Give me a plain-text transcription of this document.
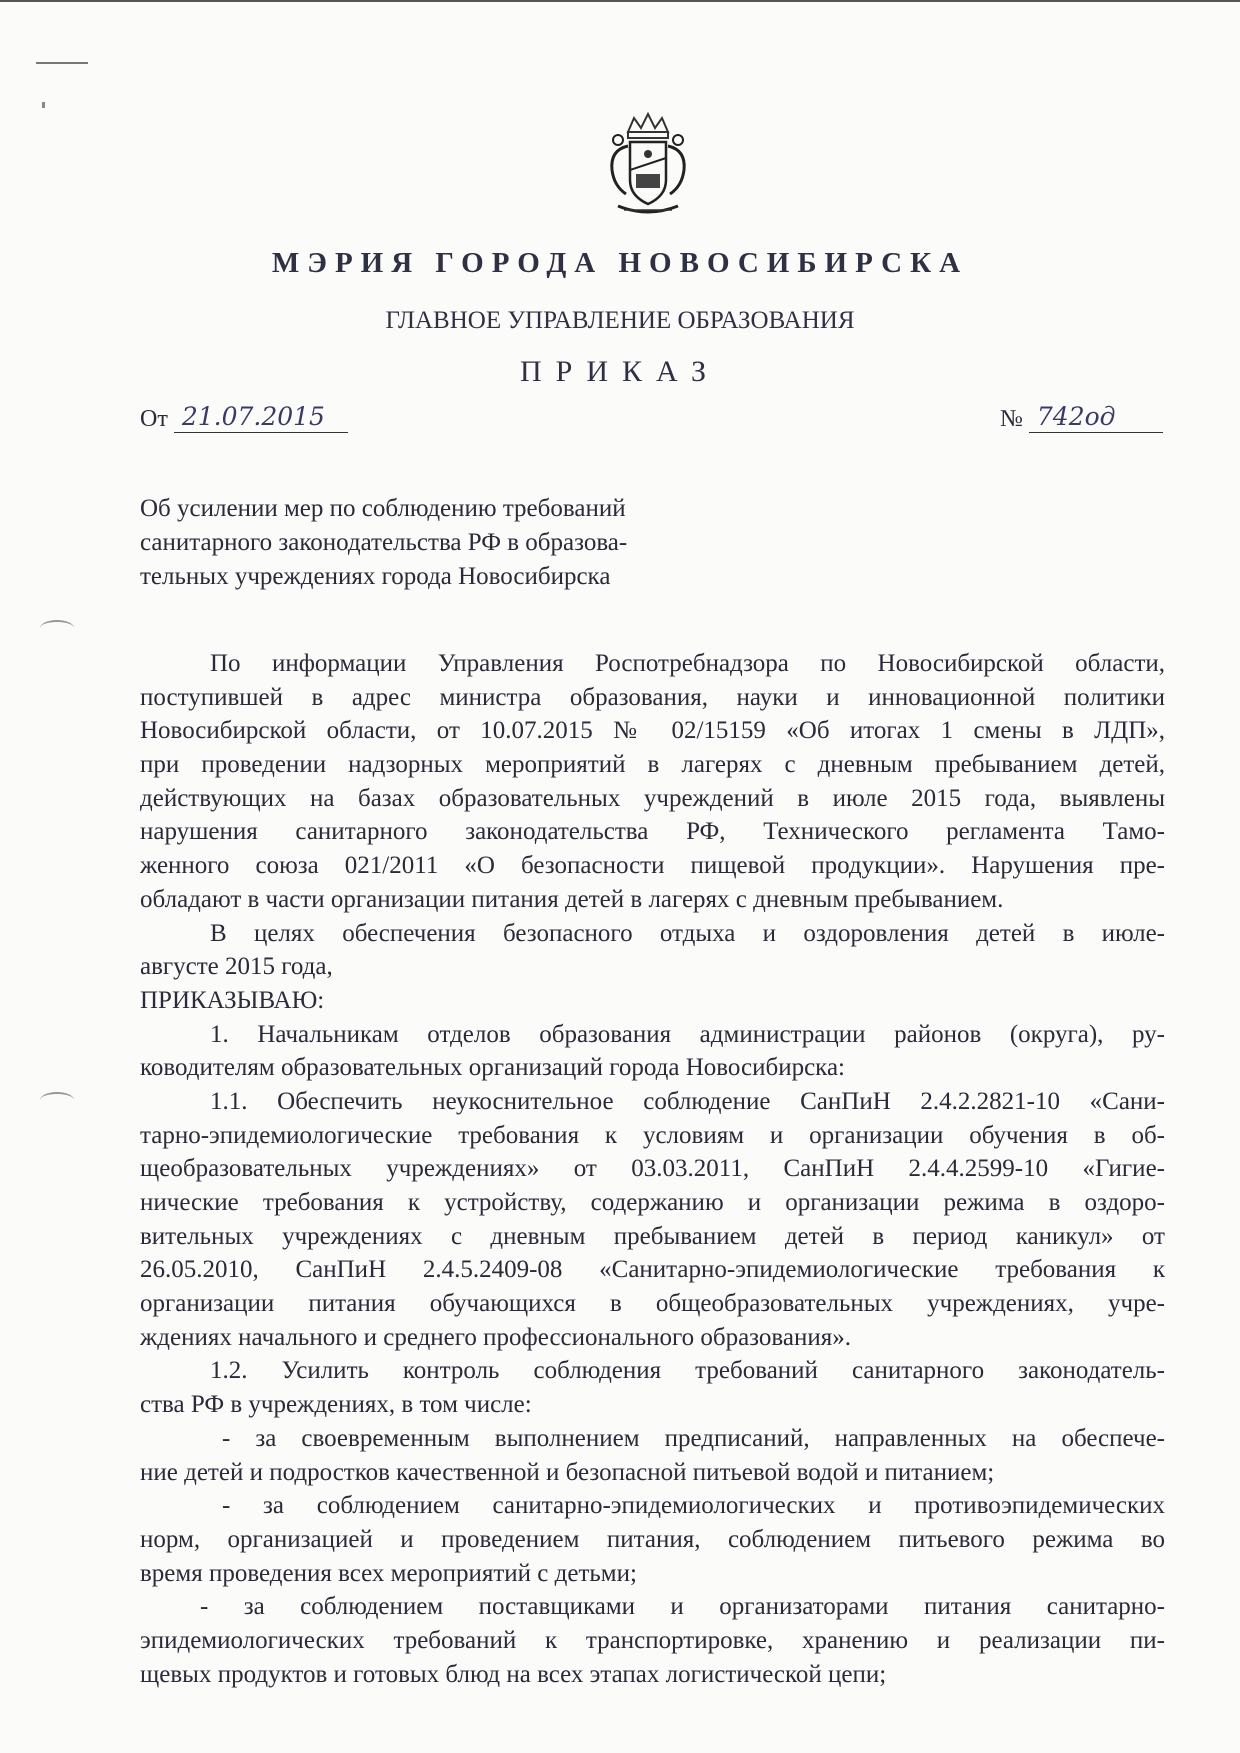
МЭРИЯ ГОРОДА НОВОСИБИРСКА
ГЛАВНОЕ УПРАВЛЕНИЕ ОБРАЗОВАНИЯ
ПРИКАЗ
От 21.07.2015	№ 742од
Об усилении мер по соблюдению требований
санитарного законодательства РФ в образова-
тельных учреждениях города Новосибирска
По информации Управления Роспотребнадзора по Новосибирской области,
поступившей в адрес министра образования, науки и инновационной политики
Новосибирской области, от 10.07.2015 № 02/15159 «Об итогах 1 смены в ЛДП»,
при проведении надзорных мероприятий в лагерях с дневным пребыванием детей,
действующих на базах образовательных учреждений в июле 2015 года, выявлены
нарушения санитарного законодательства РФ, Технического регламента Тамо-
женного союза 021/2011 «О безопасности пищевой продукции». Нарушения пре-
обладают в части организации питания детей в лагерях с дневным пребыванием.
В целях обеспечения безопасного отдыха и оздоровления детей в июле-
августе 2015 года,
ПРИКАЗЫВАЮ:
1. Начальникам отделов образования администрации районов (округа), ру-
ководителям образовательных организаций города Новосибирска:
1.1. Обеспечить неукоснительное соблюдение СанПиН 2.4.2.2821-10 «Сани-
тарно-эпидемиологические требования к условиям и организации обучения в об-
щеобразовательных учреждениях» от 03.03.2011, СанПиН 2.4.4.2599-10 «Гигие-
нические требования к устройству, содержанию и организации режима в оздоро-
вительных учреждениях с дневным пребыванием детей в период каникул» от
26.05.2010, СанПиН 2.4.5.2409-08 «Санитарно-эпидемиологические требования к
организации питания обучающихся в общеобразовательных учреждениях, учре-
ждениях начального и среднего профессионального образования».
1.2. Усилить контроль соблюдения требований санитарного законодатель-
ства РФ в учреждениях, в том числе:
- за своевременным выполнением предписаний, направленных на обеспече-
ние детей и подростков качественной и безопасной питьевой водой и питанием;
- за соблюдением санитарно-эпидемиологических и противоэпидемических
норм, организацией и проведением питания, соблюдением питьевого режима во
время проведения всех мероприятий с детьми;
- за соблюдением поставщиками и организаторами питания санитарно-
эпидемиологических требований к транспортировке, хранению и реализации пи-
щевых продуктов и готовых блюд на всех этапах логистической цепи;
